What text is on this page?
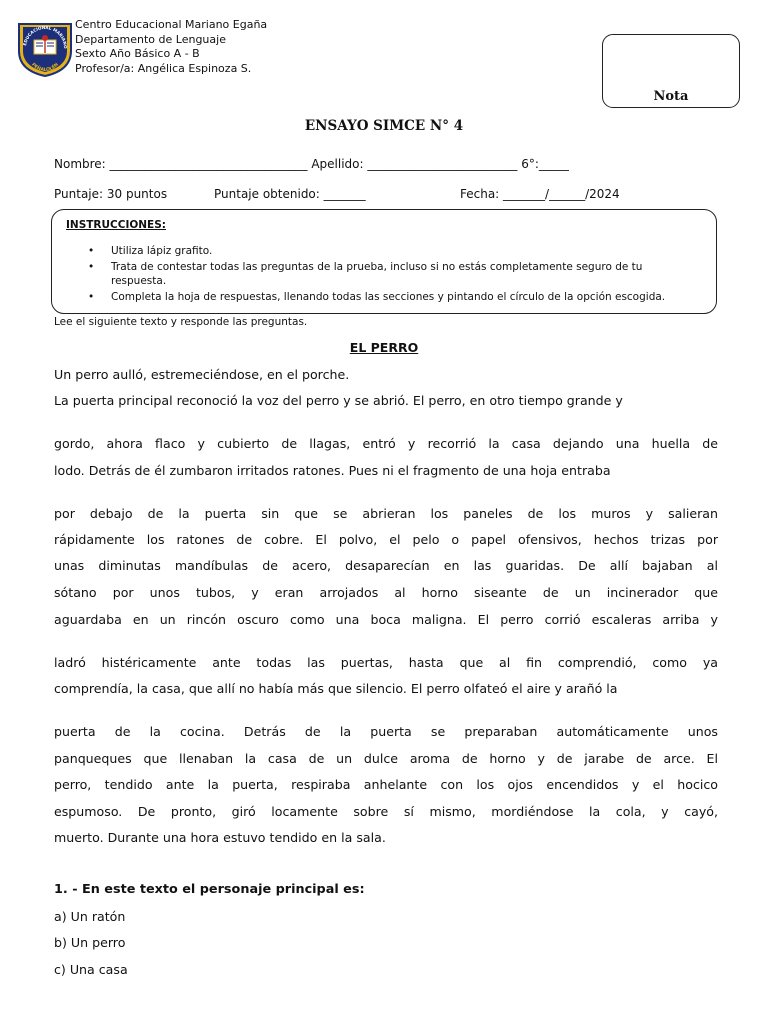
EDUCACIONAL MARIANO
PEÑALOLÉN
Centro Educacional Mariano Egaña
Departamento de Lenguaje
Sexto Año Básico A - B
Profesor/a: Angélica Espinoza S.
Nota
ENSAYO SIMCE N° 4
Nombre: _________________________________ Apellido: _________________________ 6°:_____
Puntaje: 30 puntos	Puntaje obtenido: _______	Fecha: _______/______/2024
INSTRUCCIONES:
• Utiliza lápiz grafito.
• Trata de contestar todas las preguntas de la prueba, incluso si no estás completamente seguro de tu respuesta.
• Completa la hoja de respuestas, llenando todas las secciones y pintando el círculo de la opción escogida.
Lee el siguiente texto y responde las preguntas.
EL PERRO
Un perro aulló, estremeciéndose, en el porche.
La puerta principal reconoció la voz del perro y se abrió. El perro, en otro tiempo grande y
gordo, ahora flaco y cubierto de llagas, entró y recorrió la casa dejando una huella de
lodo. Detrás de él zumbaron irritados ratones. Pues ni el fragmento de una hoja entraba
por debajo de la puerta sin que se abrieran los paneles de los muros y salieran
rápidamente los ratones de cobre. El polvo, el pelo o papel ofensivos, hechos trizas por
unas diminutas mandíbulas de acero, desaparecían en las guaridas. De allí bajaban al
sótano por unos tubos, y eran arrojados al horno siseante de un incinerador que
aguardaba en un rincón oscuro como una boca maligna. El perro corrió escaleras arriba y
ladró histéricamente ante todas las puertas, hasta que al fin comprendió, como ya
comprendía, la casa, que allí no había más que silencio. El perro olfateó el aire y arañó la
puerta de la cocina. Detrás de la puerta se preparaban automáticamente unos
panqueques que llenaban la casa de un dulce aroma de horno y de jarabe de arce. El
perro, tendido ante la puerta, respiraba anhelante con los ojos encendidos y el hocico
espumoso. De pronto, giró locamente sobre sí mismo, mordiéndose la cola, y cayó,
muerto. Durante una hora estuvo tendido en la sala.
1. - En este texto el personaje principal es:
a) Un ratón
b) Un perro
c) Una casa
